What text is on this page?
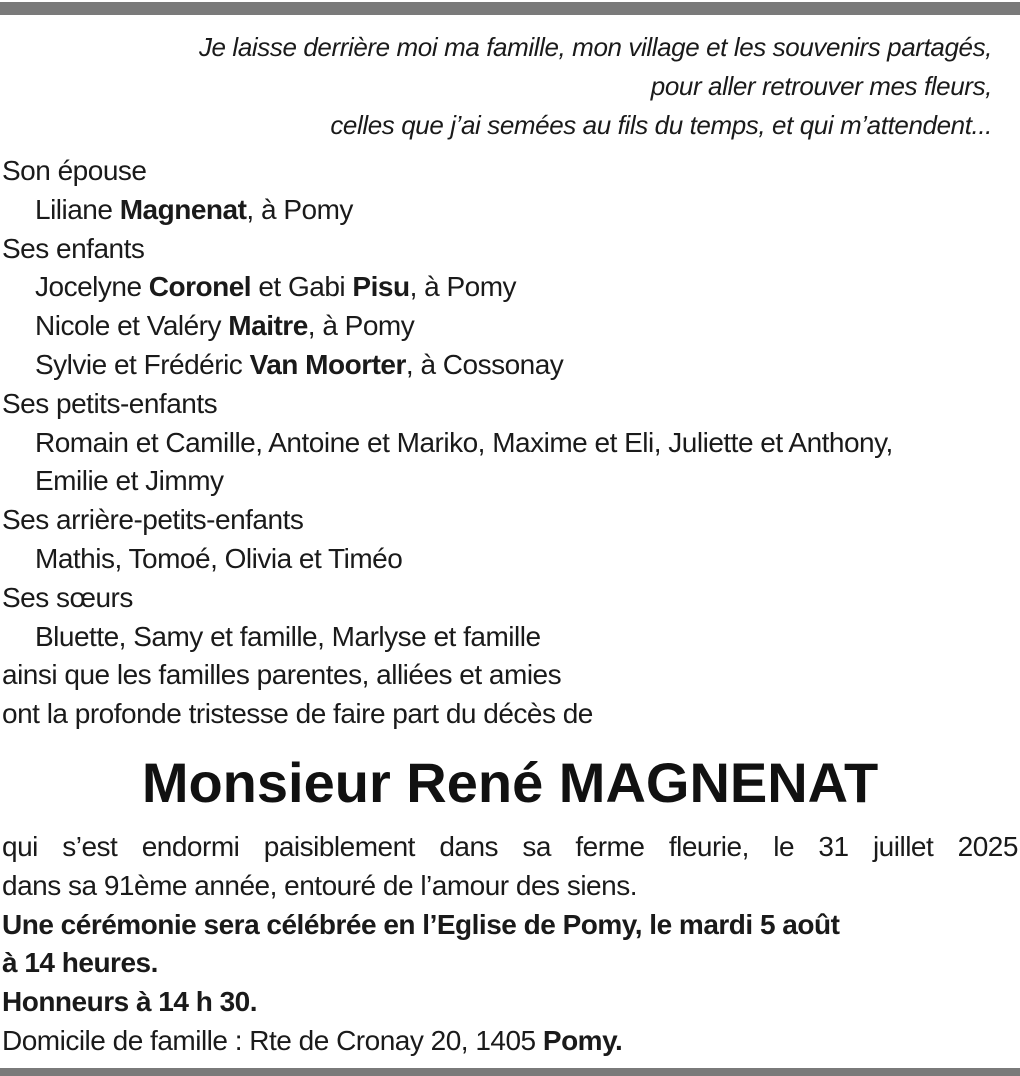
Je laisse derrière moi ma famille, mon village et les souvenirs partagés,
pour aller retrouver mes fleurs,
celles que j’ai semées au fils du temps, et qui m’attendent...
Son épouse
Liliane Magnenat, à Pomy
Ses enfants
Jocelyne Coronel et Gabi Pisu, à Pomy
Nicole et Valéry Maitre, à Pomy
Sylvie et Frédéric Van Moorter, à Cossonay
Ses petits-enfants
Romain et Camille, Antoine et Mariko, Maxime et Eli, Juliette et Anthony,
Emilie et Jimmy
Ses arrière-petits-enfants
Mathis, Tomoé, Olivia et Timéo
Ses sœurs
Bluette, Samy et famille, Marlyse et famille
ainsi que les familles parentes, alliées et amies
ont la profonde tristesse de faire part du décès de
Monsieur René MAGNENAT
qui s’est endormi paisiblement dans sa ferme fleurie, le 31 juillet 2025
dans sa 91ème année, entouré de l’amour des siens.
Une cérémonie sera célébrée en l’Eglise de Pomy, le mardi 5 août
à 14 heures.
Honneurs à 14 h 30.
Domicile de famille : Rte de Cronay 20, 1405 Pomy.
